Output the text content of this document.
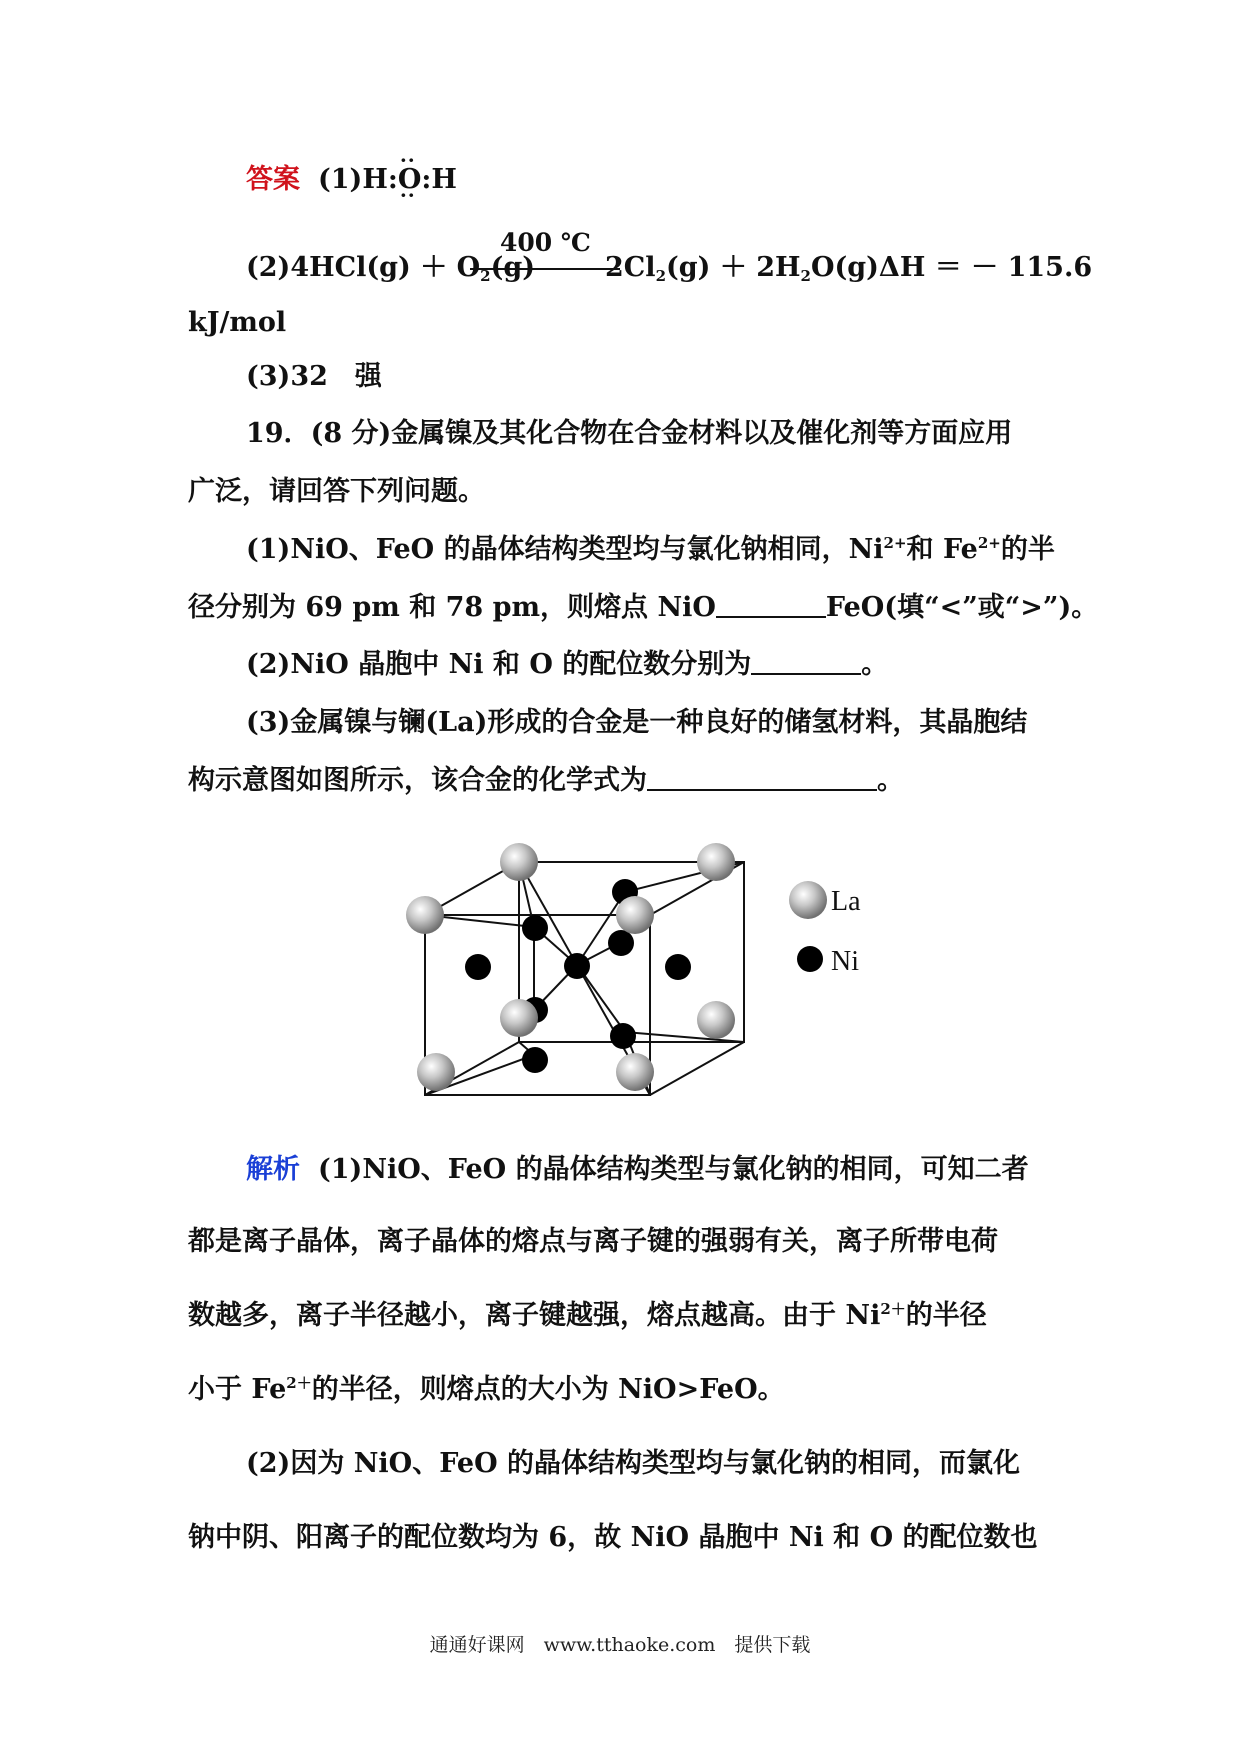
答案 (1)H:·· O ··:H
400 ℃
$(2)4HCl(g) + O_2(g)$	$2Cl_2(g) + 2H_2O(g) \Delta H$ ＝ － 115.6
kJ/mol
(3)32　强
19．(8 分)金属镍及其化合物在合金材料以及催化剂等方面应用
广泛，请回答下列问题。
(1)NiO、FeO 的晶体结构类型均与氯化钠相同，$Ni^{2+}$和 $Fe^{2+}$的半
径分别为 69 pm 和 78 pm，则熔点 NiO	FeO(填“<”或“>”)。
(2)NiO 晶胞中 Ni 和 O 的配位数分别为	。
(3)金属镍与镧(La)形成的合金是一种良好的储氢材料，其晶胞结
构示意图如图所示，该合金的化学式为	。
La
Ni
解析 (1)NiO、FeO 的晶体结构类型与氯化钠的相同，可知二者
都是离子晶体，离子晶体的熔点与离子键的强弱有关，离子所带电荷
数越多，离子半径越小，离子键越强，熔点越高。由于 $Ni^{2+}$的半径
小于 $Fe^{2+}$的半径，则熔点的大小为 NiO>FeO。
(2)因为 NiO、FeO 的晶体结构类型均与氯化钠的相同，而氯化
钠中阴、阳离子的配位数均为 6，故 NiO 晶胞中 Ni 和 O 的配位数也
通通好课网　www.tthaoke.com　提供下载
